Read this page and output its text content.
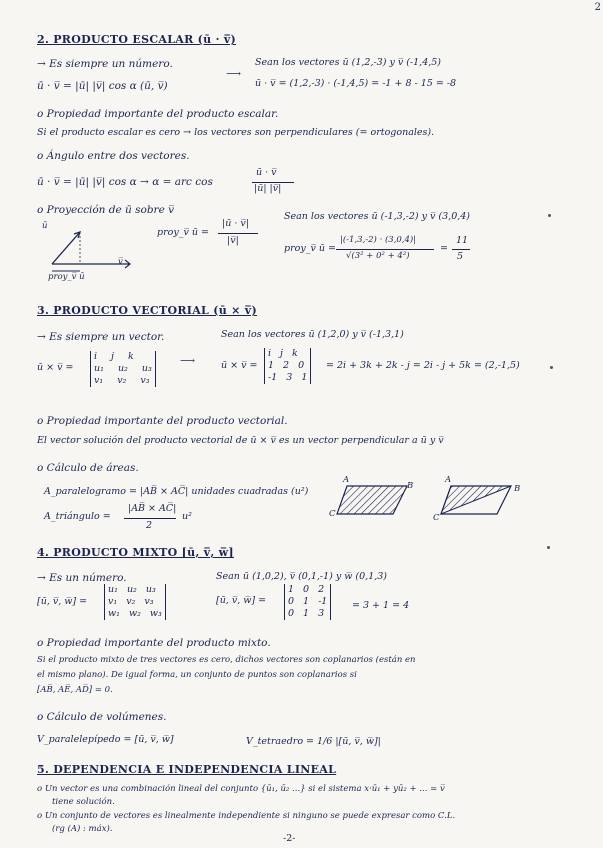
2
2. PRODUCTO ESCALAR (ū · v̅)
→ Es siempre un número.
ū · v̅ = |ū| |v̅| cos α (ū, v̅)
⟶
Sean los vectores ū (1,2,-3) y v̅ (-1,4,5)
ū · v̅ = (1,2,-3) · (-1,4,5) = -1 + 8 - 15 = -8
o Propiedad importante del producto escalar.
Si el producto escalar es cero → los vectores son perpendiculares (= ortogonales).
o Ángulo entre dos vectores.
ū · v̅ = |ū| |v̅| cos α → α = arc cos
ū · v̅
|ū| |v̅|
o Proyección de ū sobre v̅
proy_v̅ ū =
|ū · v̅|
|v̅|
Sean los vectores ū (-1,3,-2) y v̅ (3,0,4)
proy_v̅ ū =
|(-1,3,-2) · (3,0,4)|
√(3² + 0² + 4²)
=
11
5
ū
v̅
proy_v̅ ū
3. PRODUCTO VECTORIAL (ū × v̅)
→ Es siempre un vector.
ū × v̅ =
i j k
u₁ u₂ u₃
v₁ v₂ v₃
⟶
Sean los vectores ū (1,2,0) y v̅ (-1,3,1)
ū × v̅ =
i j k
1 2 0
-1 3 1
= 2i + 3k + 2k - j = 2i - j + 5k = (2,-1,5)
o Propiedad importante del producto vectorial.
El vector solución del producto vectorial de ū × v̅ es un vector perpendicular a ū y v̅
o Cálculo de áreas.
A_paralelogramo = |AB̅ × AC̅| unidades cuadradas (u²)
A_triángulo =
|AB̅ × AC̅|
2
u²
A
B
C
A
B
C
4. PRODUCTO MIXTO [ū, v̅, w̅]
→ Es un número.
[ū, v̅, w̅] =
u₁ u₂ u₃
v₁ v₂ v₃
w₁ w₂ w₃
Sean ū (1,0,2), v̅ (0,1,-1) y w̅ (0,1,3)
[ū, v̅, w̅] =
1 0 2
0 1 -1
0 1 3
= 3 + 1 = 4
o Propiedad importante del producto mixto.
Si el producto mixto de tres vectores es cero, dichos vectores son coplanarios (están en
el mismo plano). De igual forma, un conjunto de puntos son coplanarios si
[AB̅, AE̅, AD̅] = 0.
o Cálculo de volúmenes.
V_paralelepípedo = [ū, v̅, w̅]	V_tetraedro = 1/6 |[ū, v̅, w̅]|
5. DEPENDENCIA E INDEPENDENCIA LINEAL
o Un vector es una combinación lineal del conjunto {ū₁, ū₂ ...} si el sistema x·ū₁ + yū₂ + ... = v̅
tiene solución.
o Un conjunto de vectores es linealmente independiente si ninguno se puede expresar como C.L.
(rg (A) : máx).
-2-
